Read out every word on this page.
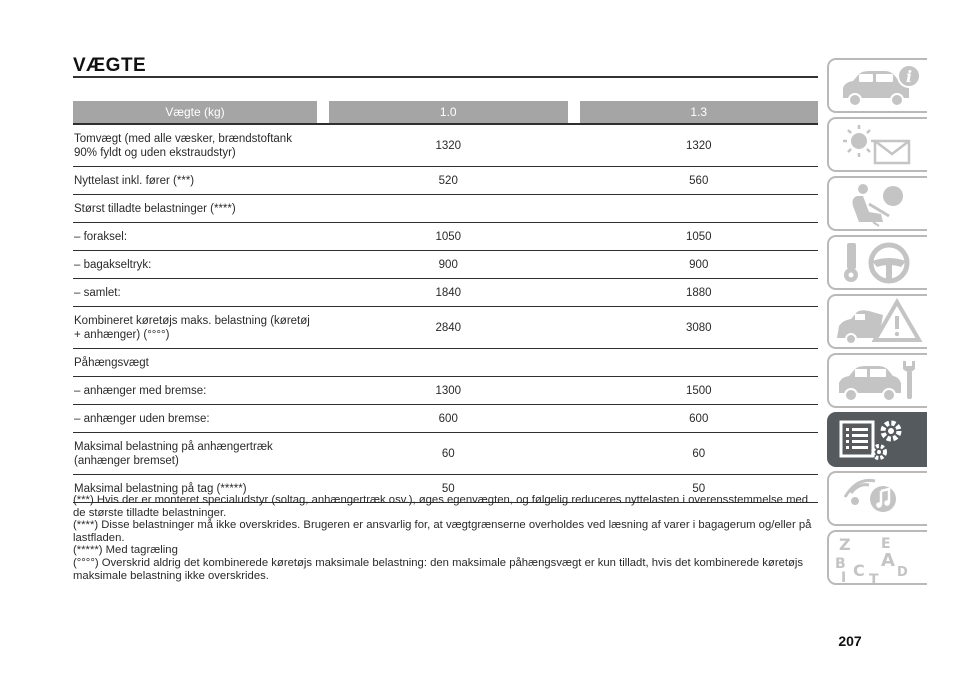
VÆGTE
Vægte (kg)		1.0		1.3
Tomvægt (med alle væsker, brændstoftank
90% fyldt og uden ekstraudstyr)		1320		1320
Nyttelast inkl. fører (***)		520		560
Størst tilladte belastninger (****)				
– foraksel:		1050		1050
– bagakseltryk:		900		900
– samlet:		1840		1880
Kombineret køretøjs maks. belastning (køretøj
+ anhænger) (°°°°)		2840		3080
Påhængsvægt				
– anhænger med bremse:		1300		1500
– anhænger uden bremse:		600		600
Maksimal belastning på anhængertræk
(anhænger bremset)		60		60
Maksimal belastning på tag (*****)		50		50

(***) Hvis der er monteret specialudstyr (soltag, anhængertræk osv.), øges egenvægten, og følgelig reduceres nyttelasten i overensstemmelse med de største tilladte belastninger.

(****) Disse belastninger må ikke overskrides. Brugeren er ansvarlig for, at vægtgrænserne overholdes ved læsning af varer i bagagerum og/eller på lastfladen.

(*****) Med tagræling

(°°°°) Overskrid aldrig det kombinerede køretøjs maksimale belastning: den maksimale påhængsvægt er kun tilladt, hvis det kombinerede køretøjs maksimale belastning ikke overskrides.

207
i
Z E
B A
I C D
T
